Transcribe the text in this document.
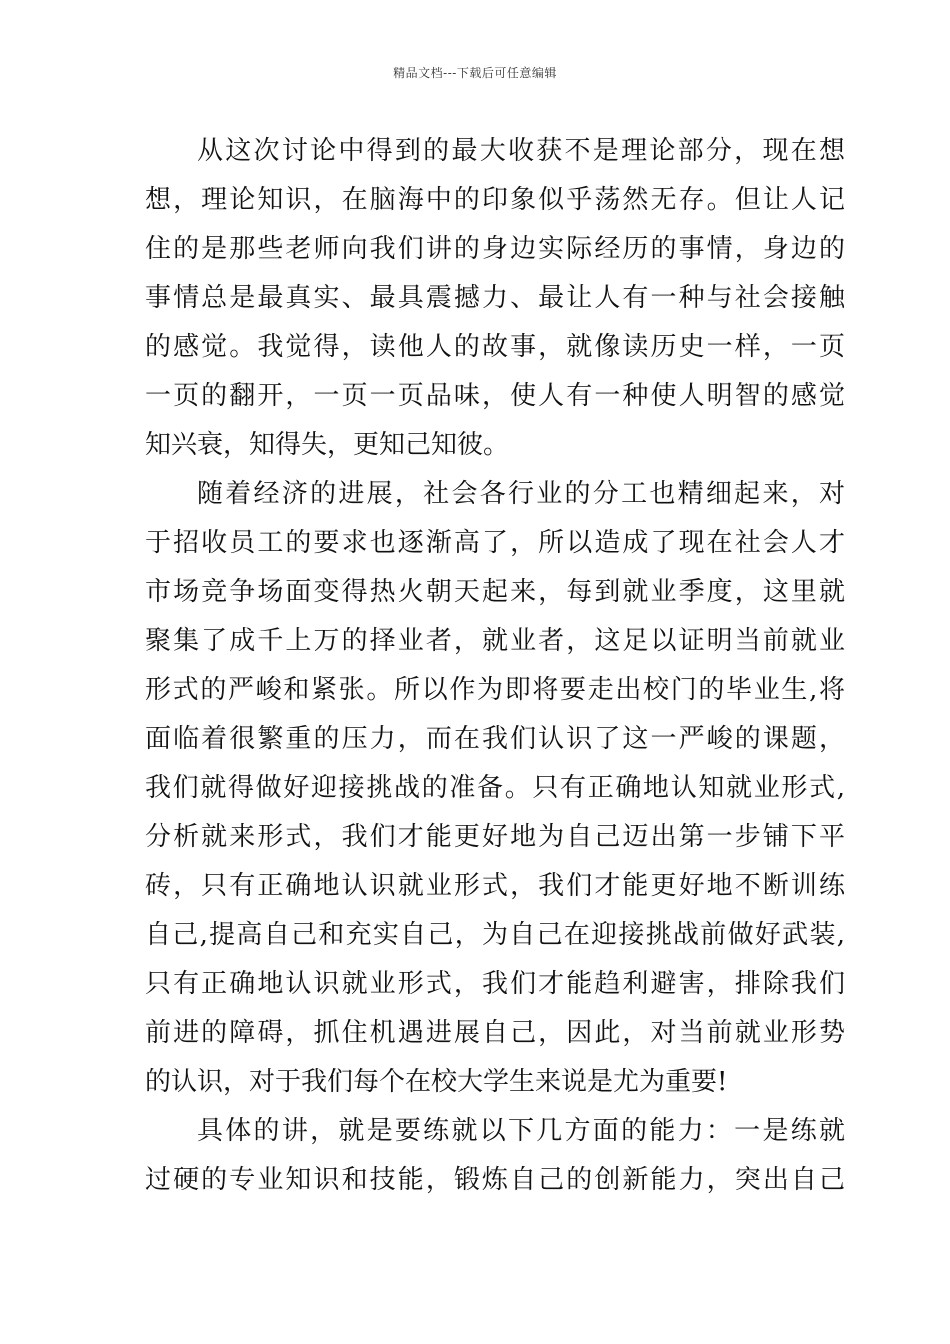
精品文档---下载后可任意编辑
从这次讨论中得到的最大收获不是理论部分，现在想
想，理论知识，在脑海中的印象似乎荡然无存。但让人记
住的是那些老师向我们讲的身边实际经历的事情，身边的
事情总是最真实、最具震撼力、最让人有一种与社会接触
的感觉。我觉得，读他人的故事，就像读历史一样，一页
一页的翻开，一页一页品味，使人有一种使人明智的感觉
知兴衰，知得失，更知己知彼。
随着经济的进展，社会各行业的分工也精细起来，对
于招收员工的要求也逐渐高了，所以造成了现在社会人才
市场竞争场面变得热火朝天起来，每到就业季度，这里就
聚集了成千上万的择业者，就业者，这足以证明当前就业
形式的严峻和紧张。所以作为即将要走出校门的毕业生,将
面临着很繁重的压力，而在我们认识了这一严峻的课题，
我们就得做好迎接挑战的准备。只有正确地认知就业形式,
分析就来形式，我们才能更好地为自己迈出第一步铺下平
砖，只有正确地认识就业形式，我们才能更好地不断训练
自己,提高自己和充实自己，为自己在迎接挑战前做好武装,
只有正确地认识就业形式，我们才能趋利避害，排除我们
前进的障碍，抓住机遇进展自己，因此，对当前就业形势
的认识，对于我们每个在校大学生来说是尤为重要!
具体的讲，就是要练就以下几方面的能力：一是练就
过硬的专业知识和技能，锻炼自己的创新能力，突出自己
